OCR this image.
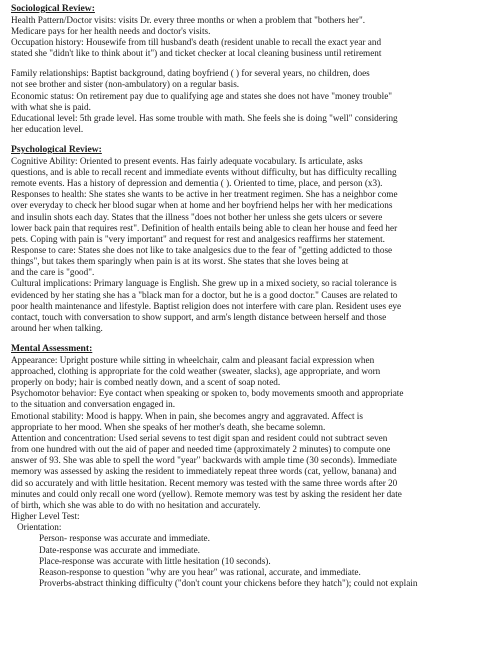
Sociological Review:

Health Pattern/Doctor visits: visits Dr. every three months or when a problem that "bothers her".

Medicare pays for her health needs and doctor's visits.

Occupation history: Housewife from till husband's death (resident unable to recall the exact year and

stated she "didn't like to think about it") and ticket checker at local cleaning business until retirement

Family relationships: Baptist background, dating boyfriend ( ) for several years, no children, does

not see brother and sister (non-ambulatory) on a regular basis.

Economic status: On retirement pay due to qualifying age and states she does not have "money trouble"

with what she is paid.

Educational level: 5th grade level. Has some trouble with math. She feels she is doing "well" considering

her education level.

Psychological Review:

Cognitive Ability: Oriented to present events. Has fairly adequate vocabulary. Is articulate, asks

questions, and is able to recall recent and immediate events without difficulty, but has difficulty recalling

remote events. Has a history of depression and dementia ( ). Oriented to time, place, and person (x3).

Responses to health: She states she wants to be active in her treatment regimen. She has a neighbor come

over everyday to check her blood sugar when at home and her boyfriend helps her with her medications

and insulin shots each day. States that the illness "does not bother her unless she gets ulcers or severe

lower back pain that requires rest". Definition of health entails being able to clean her house and feed her

pets. Coping with pain is "very important" and request for rest and analgesics reaffirms her statement.

Response to care: States she does not like to take analgesics due to the fear of "getting addicted to those

things", but takes them sparingly when pain is at its worst. She states that she loves being at

and the care is "good".

Cultural implications: Primary language is English. She grew up in a mixed society, so racial tolerance is

evidenced by her stating she has a "black man for a doctor, but he is a good doctor." Causes are related to

poor health maintenance and lifestyle. Baptist religion does not interfere with care plan. Resident uses eye

contact, touch with conversation to show support, and arm's length distance between herself and those

around her when talking.

Mental Assessment:

Appearance: Upright posture while sitting in wheelchair, calm and pleasant facial expression when

approached, clothing is appropriate for the cold weather (sweater, slacks), age appropriate, and worn

properly on body; hair is combed neatly down, and a scent of soap noted.

Psychomotor behavior: Eye contact when speaking or spoken to, body movements smooth and appropriate

to the situation and conversation engaged in.

Emotional stability: Mood is happy. When in pain, she becomes angry and aggravated. Affect is

appropriate to her mood. When she speaks of her mother's death, she became solemn.

Attention and concentration: Used serial sevens to test digit span and resident could not subtract seven

from one hundred with out the aid of paper and needed time (approximately 2 minutes) to compute one

answer of 93. She was able to spell the word "year" backwards with ample time (30 seconds). Immediate

memory was assessed by asking the resident to immediately repeat three words (cat, yellow, banana) and

did so accurately and with little hesitation. Recent memory was tested with the same three words after 20

minutes and could only recall one word (yellow). Remote memory was test by asking the resident her date

of birth, which she was able to do with no hesitation and accurately.

Higher Level Test:

Orientation:

Person- response was accurate and immediate.

Date-response was accurate and immediate.

Place-response was accurate with little hesitation (10 seconds).

Reason-response to question "why are you hear" was rational, accurate, and immediate.

Proverbs-abstract thinking difficulty ("don't count your chickens before they hatch"); could not explain
